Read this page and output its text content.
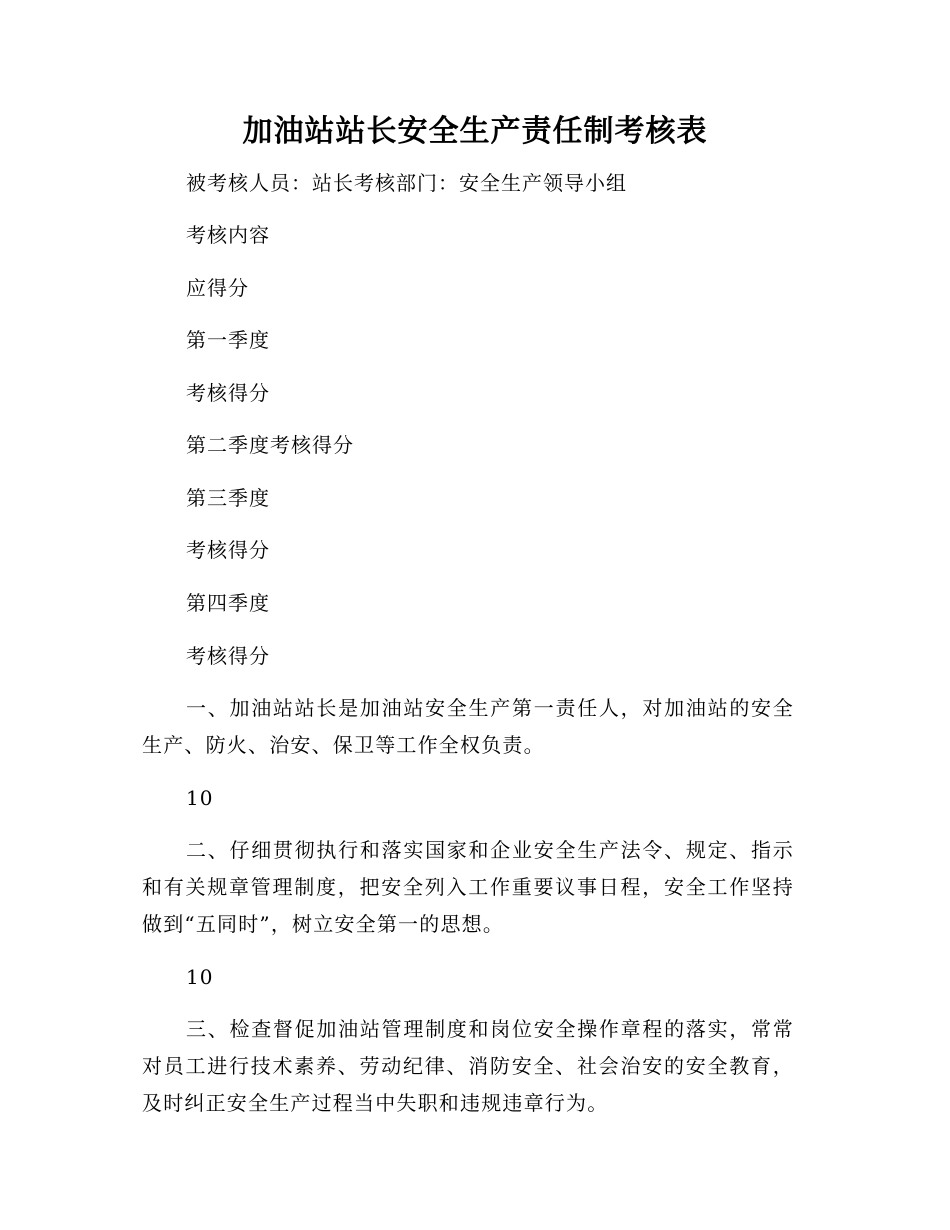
加油站站长安全生产责任制考核表
被考核人员：站长考核部门：安全生产领导小组
考核内容
应得分
第一季度
考核得分
第二季度考核得分
第三季度
考核得分
第四季度
考核得分
一、加油站站长是加油站安全生产第一责任人，对加油站的安全生产、防火、治安、保卫等工作全权负责。
10
二、仔细贯彻执行和落实国家和企业安全生产法令、规定、指示和有关规章管理制度，把安全列入工作重要议事日程，安全工作坚持做到“五同时”，树立安全第一的思想。
10
三、检查督促加油站管理制度和岗位安全操作章程的落实，常常对员工进行技术素养、劳动纪律、消防安全、社会治安的安全教育，及时纠正安全生产过程当中失职和违规违章行为。
